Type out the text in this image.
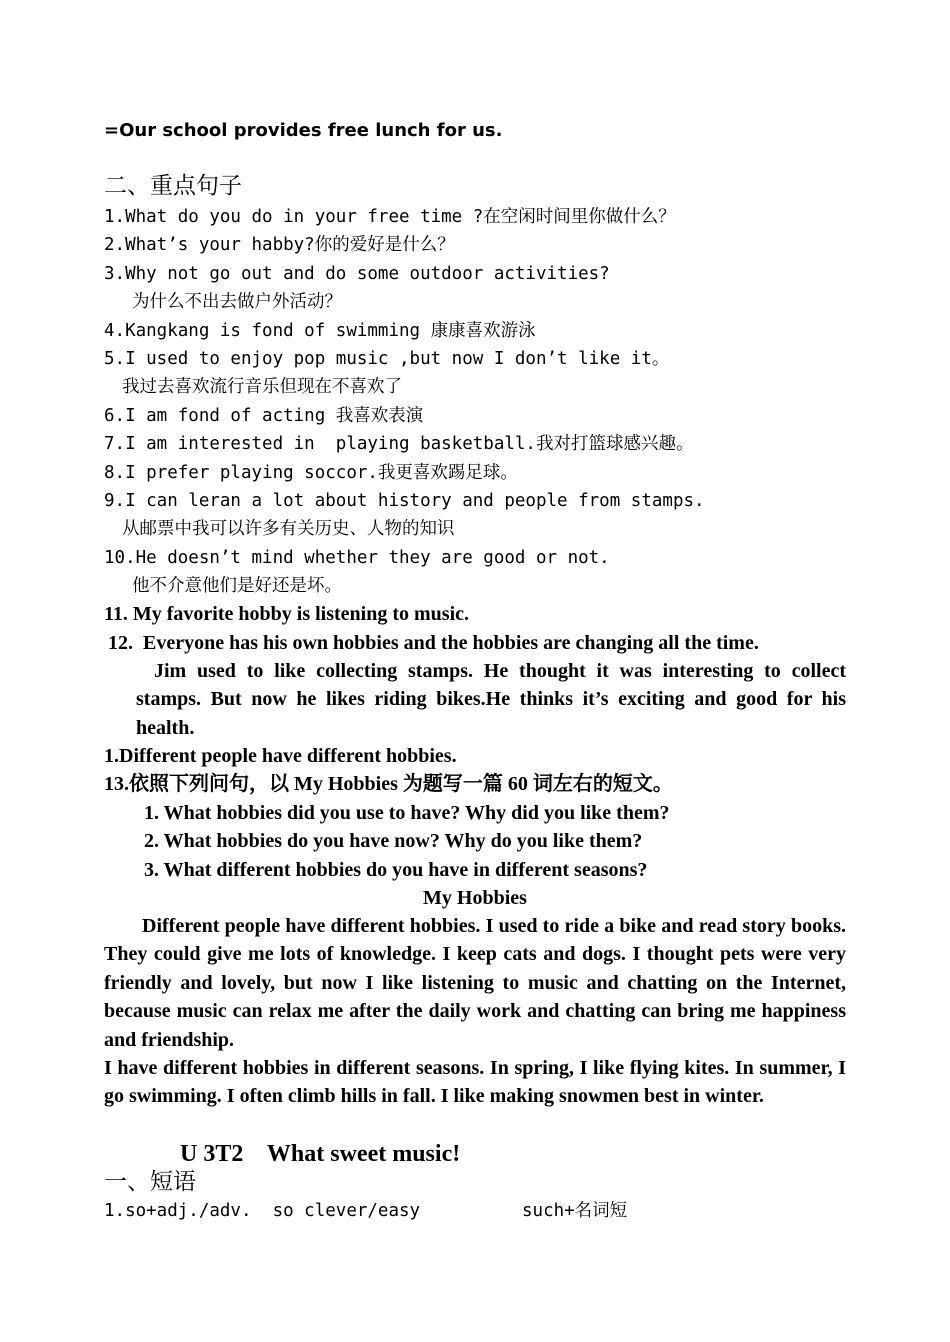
=Our school provides free lunch for us.
二、重点句子
1.What do you do in your free time ?在空闲时间里你做什么？
2.What’s your habby?你的爱好是什么？
3.Why not go out and do some outdoor activities?
为什么不出去做户外活动？
4.Kangkang is fond of swimming 康康喜欢游泳
5.I used to enjoy pop music ,but now I don’t like it。
我过去喜欢流行音乐但现在不喜欢了
6.I am fond of acting 我喜欢表演
7.I am interested in  playing basketball.我对打篮球感兴趣。
8.I prefer playing soccor.我更喜欢踢足球。
9.I can leran a lot about history and people from stamps.
从邮票中我可以许多有关历史、人物的知识
10.He doesn’t mind whether they are good or not.
他不介意他们是好还是坏。
11. My favorite hobby is listening to music.
12.  Everyone has his own hobbies and the hobbies are changing all the time.
Jim used to like collecting stamps. He thought it was interesting to collect stamps. But now he likes riding bikes.He thinks it’s exciting and good for his health.
1.Different people have different hobbies.
13.依照下列问句，以 My Hobbies 为题写一篇 60 词左右的短文。
1. What hobbies did you use to have? Why did you like them?
2. What hobbies do you have now? Why do you like them?
3. What different hobbies do you have in different seasons?
My Hobbies
Different people have different hobbies. I used to ride a bike and read story books. They could give me lots of knowledge. I keep cats and dogs. I thought pets were very friendly and lovely, but now I like listening to music and chatting on the Internet, because music can relax me after the daily work and chatting can bring me happiness and friendship.
I have different hobbies in different seasons. In spring, I like flying kites. In summer, I go swimming. I often climb hills in fall. I like making snowmen best in winter.
U 3T2    What sweet music!
一、短语
1.so+adj./adv.  so clever/easy	such+名词短
